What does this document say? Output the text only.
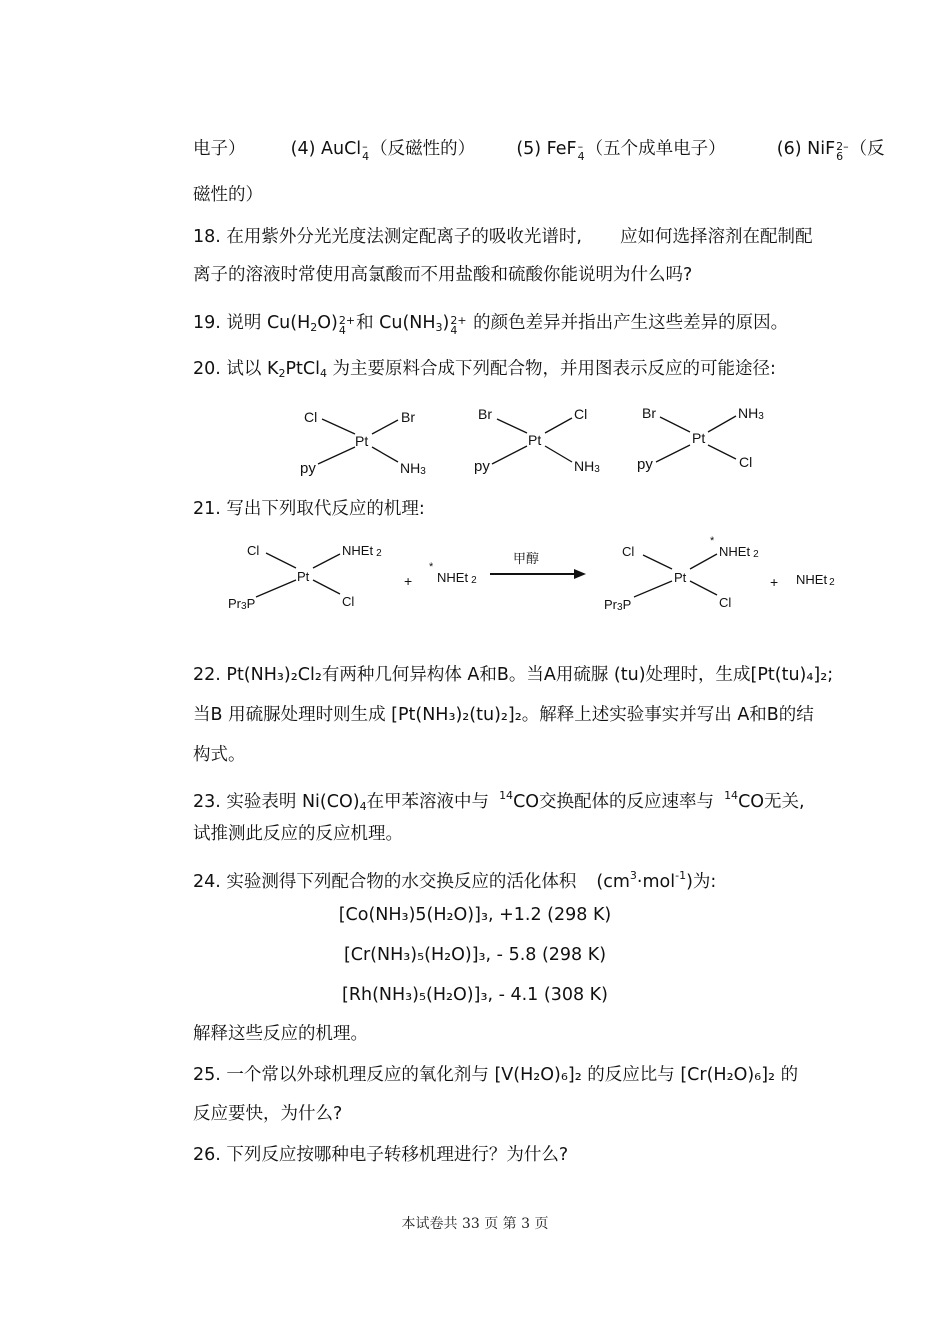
电子）	(4) AuCl –
4 （反磁性的） (5) FeF –
4 （五个成单电子）	(6) NiF 2–
6 （反
磁性的）
18. 在用紫外分光光度法测定配离子的吸收光谱时, 应如何选择溶剂在配制配
离子的溶液时常使用高氯酸而不用盐酸和硫酸你能说明为什么吗?
19. 说明 $Cu(H_2O)$ 2+
4 和 $Cu(NH_3)$ 2+
4 的颜色差异并指出产生这些差异的原因。
20. 试以 $K_2PtCl_4$ 为主要原料合成下列配合物，并用图表示反应的可能途径:
Cl	Br
Pt
py	NH3
Br	Cl
Pt
py	NH3
Br	NH3
Pt
py	Cl
21. 写出下列取代反应的机理:
Cl	NHEt 2
Pt
Pr3P	Cl
+
*
NHEt 2
甲醇	Cl
*
NHEt 2
Pt
Pr3P	Cl
+ NHEt 2
22. Pt(NH₃)₂Cl₂有两种几何异构体 A和B。当A用硫脲 (tu)处理时，生成[Pt(tu)₄]₂;
当B 用硫脲处理时则生成 [Pt(NH₃)₂(tu)₂]₂。解释上述实验事实并写出 A和B的结
构式。
23. 实验表明 $Ni(CO)_4$在甲苯溶液中与 $^{14}$CO交换配体的反应速率与 $^{14}$CO无关,
试推测此反应的反应机理。
24. 实验测得下列配合物的水交换反应的活化体积 $(cm^3\cdot mol^{-1})$为:
[Co(NH₃)5(H₂O)]₃, +1.2 (298 K)
[Cr(NH₃)₅(H₂O)]₃, - 5.8 (298 K)
[Rh(NH₃)₅(H₂O)]₃, - 4.1 (308 K)
解释这些反应的机理。
25. 一个常以外球机理反应的氧化剂与 [V(H₂O)₆]₂ 的反应比与 [Cr(H₂O)₆]₂ 的
反应要快，为什么?
26. 下列反应按哪种电子转移机理进行？为什么?
本试卷共 33 页 第 3 页
